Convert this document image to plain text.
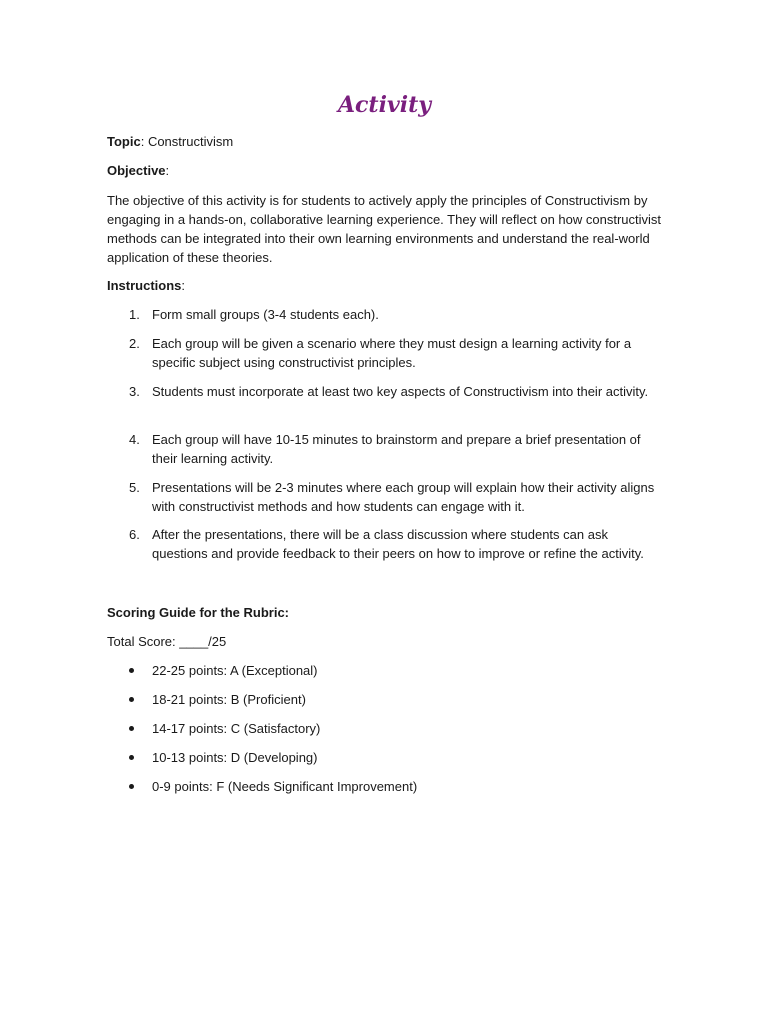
Activity

Topic: Constructivism

Objective:

The objective of this activity is for students to actively apply the principles of Constructivism by engaging in a hands-on, collaborative learning experience. They will reflect on how constructivist methods can be integrated into their own learning environments and understand the real-world application of these theories.

Instructions:

1. Form small groups (3-4 students each).
2. Each group will be given a scenario where they must design a learning activity for a specific subject using constructivist principles.
3. Students must incorporate at least two key aspects of Constructivism into their activity.
4. Each group will have 10-15 minutes to brainstorm and prepare a brief presentation of their learning activity.
5. Presentations will be 2-3 minutes where each group will explain how their activity aligns with constructivist methods and how students can engage with it.
6. After the presentations, there will be a class discussion where students can ask questions and provide feedback to their peers on how to improve or refine the activity.

Scoring Guide for the Rubric:

Total Score: ____/25

22-25 points: A (Exceptional)
18-21 points: B (Proficient)
14-17 points: C (Satisfactory)
10-13 points: D (Developing)
0-9 points: F (Needs Significant Improvement)
